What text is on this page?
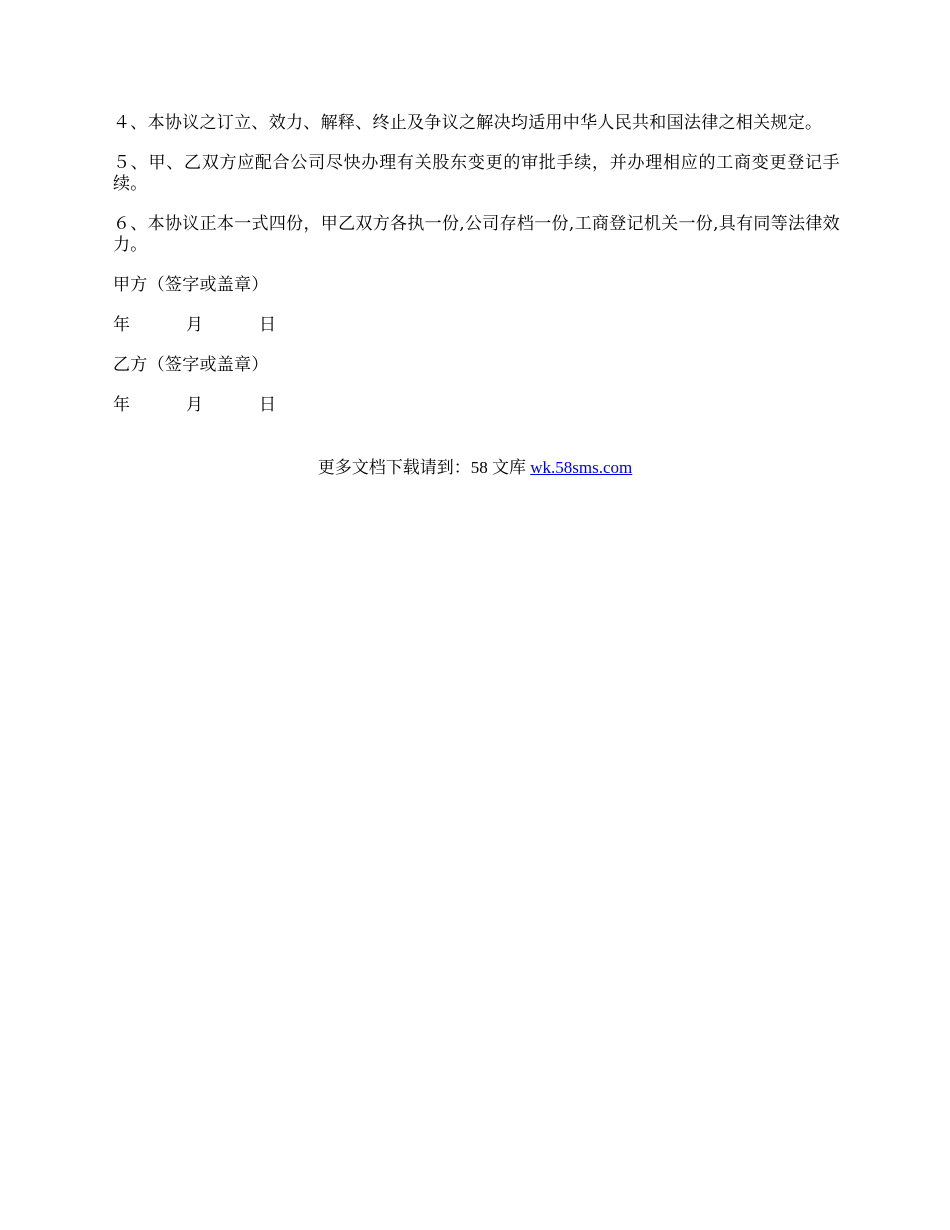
４、本协议之订立、效力、解释、终止及争议之解决均适用中华人民共和国法律之相关规定。

５、甲、乙双方应配合公司尽快办理有关股东变更的审批手续，并办理相应的工商变更登记手续。

６、本协议正本一式四份，甲乙双方各执一份,公司存档一份,工商登记机关一份,具有同等法律效力。

甲方（签字或盖章）

年	月	日

乙方（签字或盖章）

年	月	日
更多文档下载请到：58 文库 wk.58sms.com
